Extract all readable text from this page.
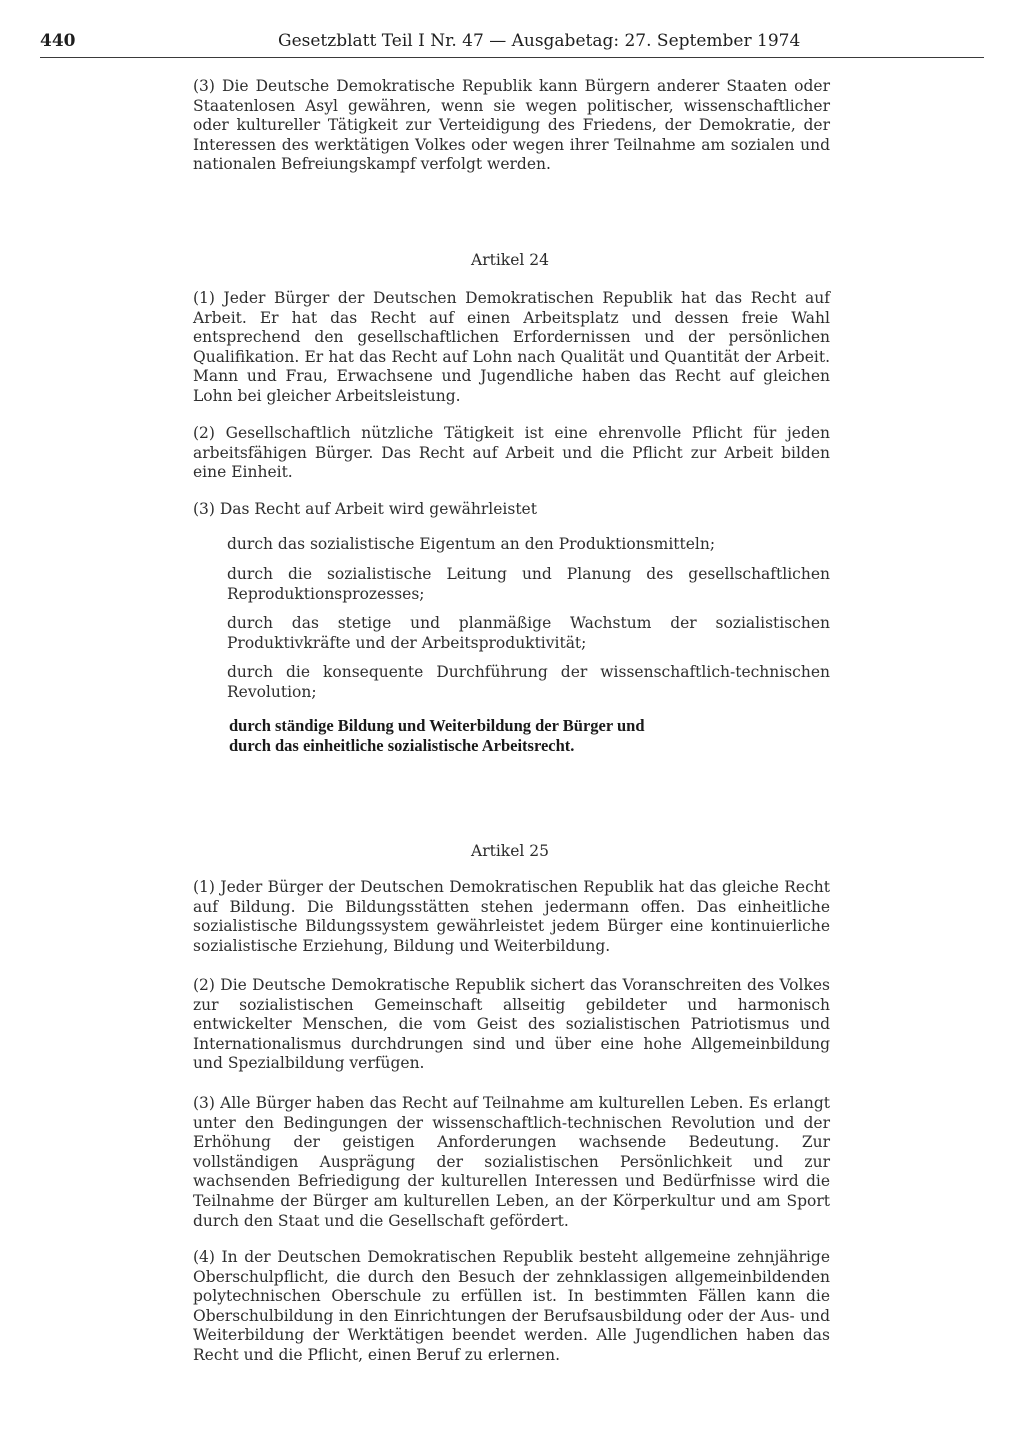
440	Gesetzblatt Teil I Nr. 47 — Ausgabetag: 27. September 1974
(3) Die Deutsche Demokratische Republik kann Bürgern anderer Staaten oder Staatenlosen Asyl gewähren, wenn sie wegen politischer, wissenschaftlicher oder kultureller Tätigkeit zur Verteidigung des Friedens, der Demokratie, der Interessen des werktätigen Volkes oder wegen ihrer Teilnahme am sozialen und nationalen Befreiungskampf verfolgt werden.
Artikel 24
(1) Jeder Bürger der Deutschen Demokratischen Republik hat das Recht auf Arbeit. Er hat das Recht auf einen Arbeitsplatz und dessen freie Wahl entsprechend den gesellschaftlichen Erfordernissen und der persönlichen Qualifikation. Er hat das Recht auf Lohn nach Qualität und Quantität der Arbeit. Mann und Frau, Erwachsene und Jugendliche haben das Recht auf gleichen Lohn bei gleicher Arbeitsleistung.
(2) Gesellschaftlich nützliche Tätigkeit ist eine ehrenvolle Pflicht für jeden arbeitsfähigen Bürger. Das Recht auf Arbeit und die Pflicht zur Arbeit bilden eine Einheit.
(3) Das Recht auf Arbeit wird gewährleistet
durch das sozialistische Eigentum an den Produktionsmitteln;
durch die sozialistische Leitung und Planung des gesellschaftlichen Reproduktionsprozesses;
durch das stetige und planmäßige Wachstum der sozialistischen Produktivkräfte und der Arbeitsproduktivität;
durch die konsequente Durchführung der wissenschaftlich-technischen Revolution;
durch ständige Bildung und Weiterbildung der Bürger und
durch das einheitliche sozialistische Arbeitsrecht.
Artikel 25
(1) Jeder Bürger der Deutschen Demokratischen Republik hat das gleiche Recht auf Bildung. Die Bildungsstätten stehen jedermann offen. Das einheitliche sozialistische Bildungssystem gewährleistet jedem Bürger eine kontinuierliche sozialistische Erziehung, Bildung und Weiterbildung.
(2) Die Deutsche Demokratische Republik sichert das Voranschreiten des Volkes zur sozialistischen Gemeinschaft allseitig gebildeter und harmonisch entwickelter Menschen, die vom Geist des sozialistischen Patriotismus und Internationalismus durchdrungen sind und über eine hohe Allgemeinbildung und Spezialbildung verfügen.
(3) Alle Bürger haben das Recht auf Teilnahme am kulturellen Leben. Es erlangt unter den Bedingungen der wissenschaftlich-technischen Revolution und der Erhöhung der geistigen Anforderungen wachsende Bedeutung. Zur vollständigen Ausprägung der sozialistischen Persönlichkeit und zur wachsenden Befriedigung der kulturellen Interessen und Bedürfnisse wird die Teilnahme der Bürger am kulturellen Leben, an der Körperkultur und am Sport durch den Staat und die Gesellschaft gefördert.
(4) In der Deutschen Demokratischen Republik besteht allgemeine zehnjährige Oberschulpflicht, die durch den Besuch der zehnklassigen allgemeinbildenden polytechnischen Oberschule zu erfüllen ist. In bestimmten Fällen kann die Oberschulbildung in den Einrichtungen der Berufsausbildung oder der Aus- und Weiterbildung der Werktätigen beendet werden. Alle Jugendlichen haben das Recht und die Pflicht, einen Beruf zu erlernen.
